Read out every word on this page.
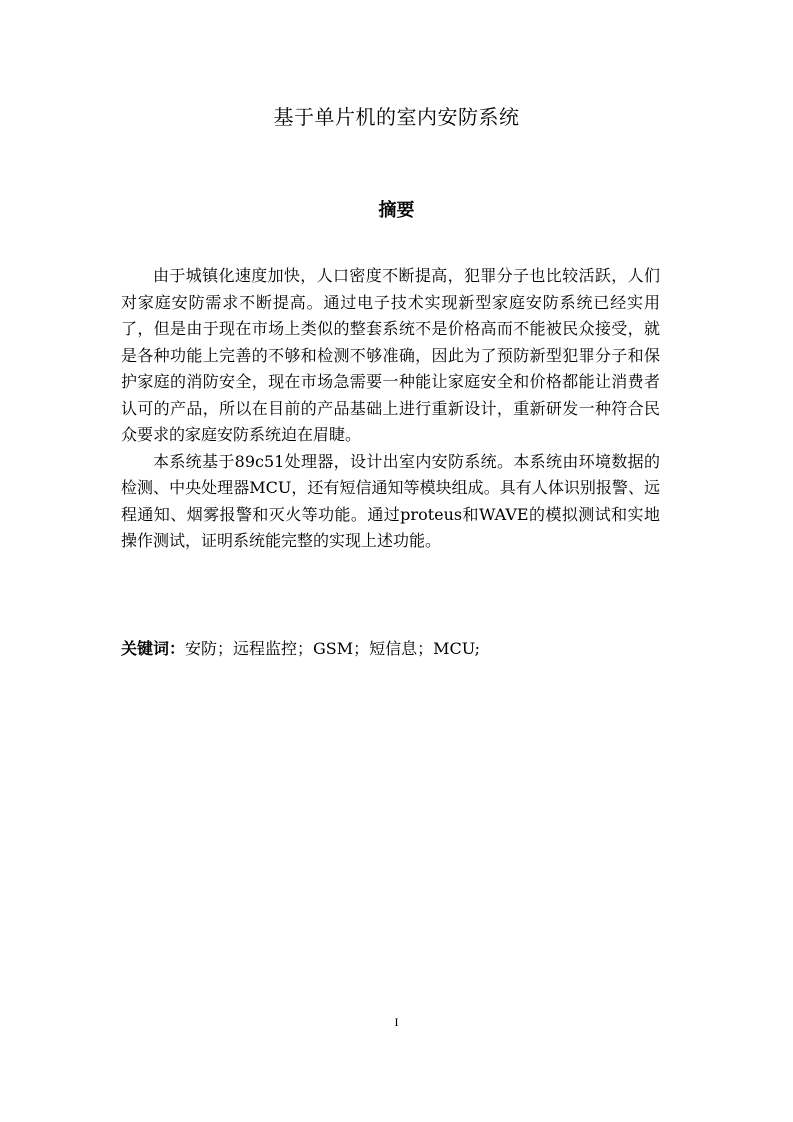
基于单片机的室内安防系统
摘要

由于城镇化速度加快，人口密度不断提高，犯罪分子也比较活跃，人们对家庭安防需求不断提高。通过电子技术实现新型家庭安防系统已经实用了，但是由于现在市场上类似的整套系统不是价格高而不能被民众接受，就是各种功能上完善的不够和检测不够准确，因此为了预防新型犯罪分子和保护家庭的消防安全，现在市场急需要一种能让家庭安全和价格都能让消费者认可的产品，所以在目前的产品基础上进行重新设计，重新研发一种符合民众要求的家庭安防系统迫在眉睫。

本系统基于89c51处理器，设计出室内安防系统。本系统由环境数据的检测、中央处理器MCU，还有短信通知等模块组成。具有人体识别报警、远程通知、烟雾报警和灭火等功能。通过proteus和WAVE的模拟测试和实地操作测试，证明系统能完整的实现上述功能。

关键词：安防；远程监控；GSM；短信息；MCU;
I
